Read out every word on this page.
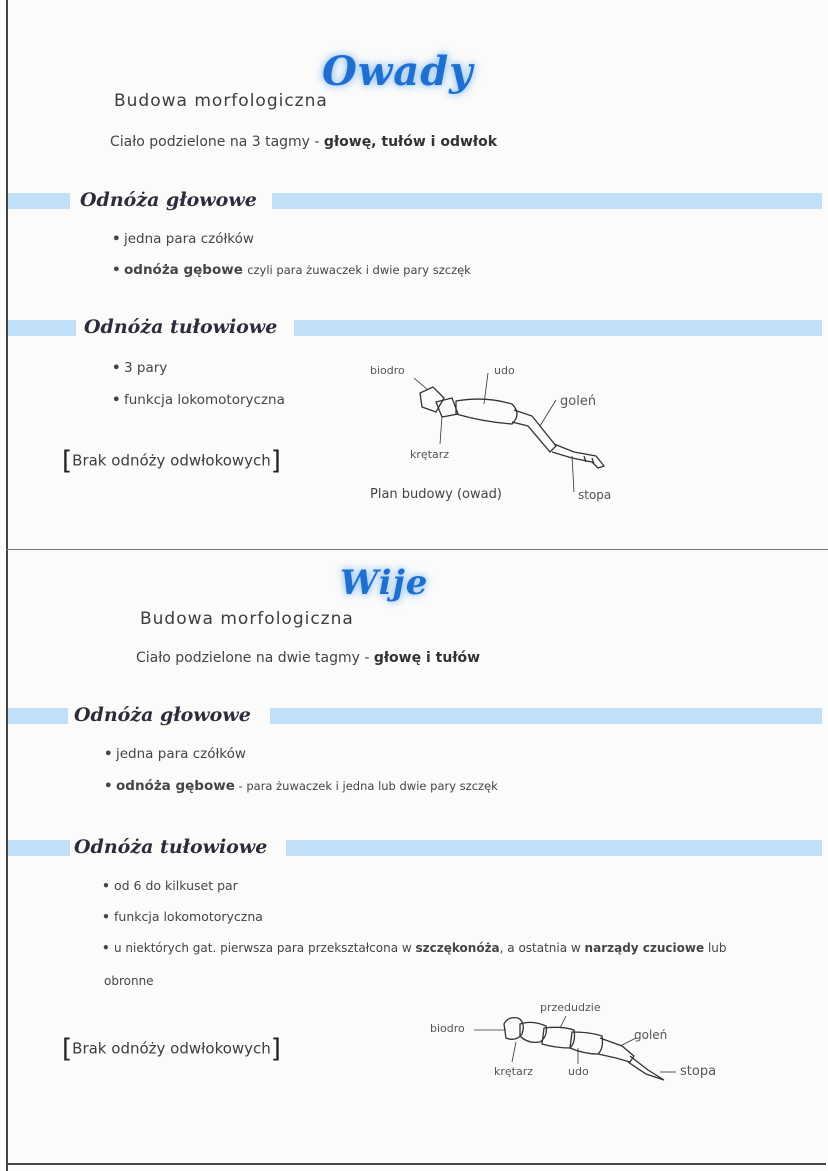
Owady
Budowa morfologiczna
Ciało podzielone na 3 tagmy - głowę, tułów i odwłok
Odnóża głowowe
• jedna para czółków
• odnóża gębowe czyli para żuwaczek i dwie pary szczęk
Odnóża tułowiowe
• 3 pary
• funkcja lokomotoryczna
[Brak odnóży odwłokowych]
biodro	udo
goleń
krętarz
stopa
Plan budowy (owad)
Wije
Budowa morfologiczna
Ciało podzielone na dwie tagmy - głowę i tułów
Odnóża głowowe
• jedna para czółków
• odnóża gębowe - para żuwaczek i jedna lub dwie pary szczęk
Odnóża tułowiowe
• od 6 do kilkuset par
• funkcja lokomotoryczna
• u niektórych gat. pierwsza para przekształcona w szczękonóża, a ostatnia w narządy czuciowe lub
obronne
[Brak odnóży odwłokowych]
biodro
przedudzie
goleń
krętarz	udo	stopa
